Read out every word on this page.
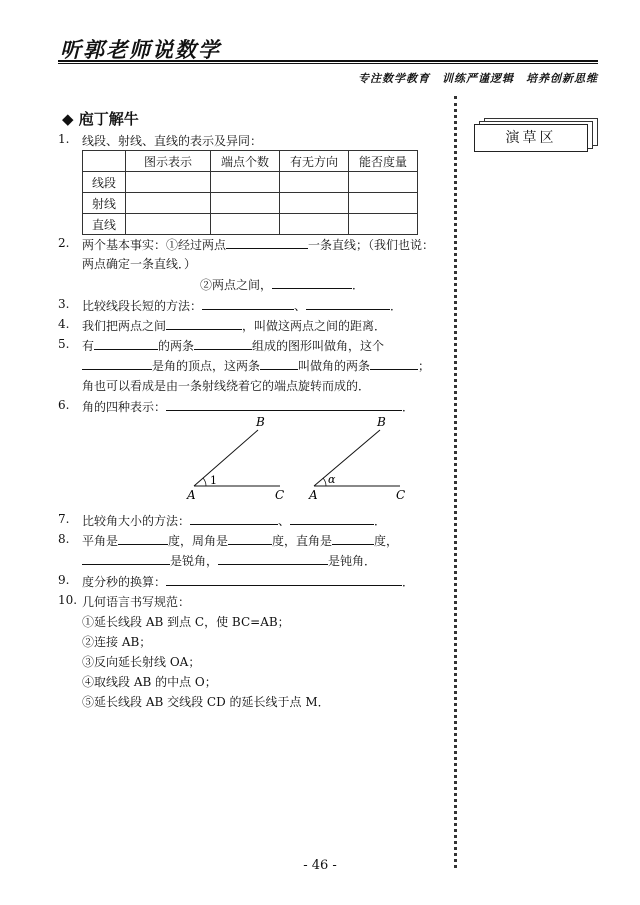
听郭老师说数学
专注数学教育　训练严谨逻辑　培养创新思维
演草区
◆ 庖丁解牛
1. 线段、射线、直线的表示及异同：
	图示表示	端点个数	有无方向	能否度量
线段				
射线				
直线				
2. 两个基本事实：①经过两点	一条直线；（我们也说：
两点确定一条直线．）
②两点之间，	．
3. 比较线段长短的方法：	、	．
4. 我们把两点之间	，叫做这两点之间的距离．
5. 有	的两条	组成的图形叫做角，这个
是角的顶点，这两条	叫做角的两条	；
角也可以看成是由一条射线绕着它的端点旋转而成的．
6. 角的四种表示：	．
B
A	C
1
B
A	C
α
7. 比较角大小的方法：	、	．
8. 平角是	度，周角是	度，直角是	度，
是锐角，	是钝角．
9. 度分秒的换算：	．
10. 几何语言书写规范：
①延长线段 AB 到点 C，使 BC=AB；
②连接 AB；
③反向延长射线 OA；
④取线段 AB 的中点 O；
⑤延长线段 AB 交线段 CD 的延长线于点 M．
- 46 -
